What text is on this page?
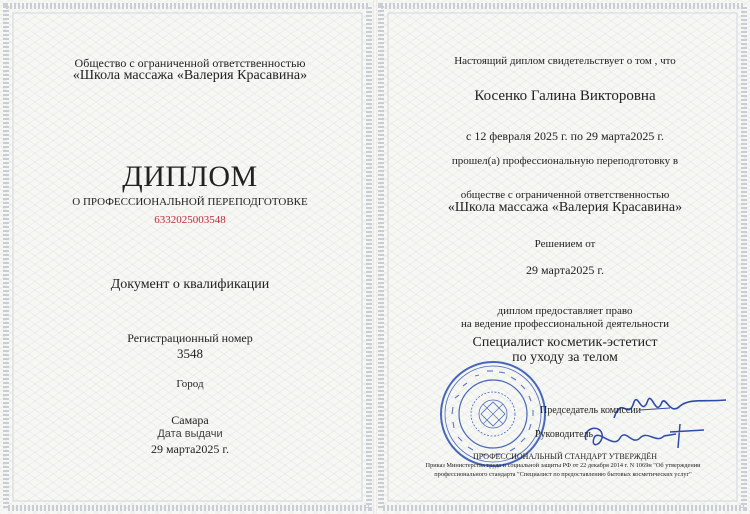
Общество с ограниченной ответственностью
«Школа массажа «Валерия Красавина»
ДИПЛОМ
О ПРОФЕССИОНАЛЬНОЙ ПЕРЕПОДГОТОВКЕ
6332025003548
Документ о квалификации
Регистрационный номер
3548
Город
Самара
Дата выдачи
29 марта2025 г.
Настоящий диплом свидетельствует о том , что
Косенко Галина Викторовна
с 12 февраля 2025 г. по 29 марта2025 г.
прошел(а) профессиональную переподготовку в
обществе с ограниченной ответственностью
«Школа массажа «Валерия Красавина»
Решением от
29 марта2025 г.
диплом предоставляет право
на ведение профессиональной деятельности
Специалист косметик-эстетист
по уходу за телом
Председатель комиссии
Руководитель
ПРОФЕССИОНАЛЬНЫЙ СТАНДАРТ УТВЕРЖДЁН
Приказ Министерства труда и социальной защиты РФ от 22 декабря 2014 г. N 1069н "Об утверждении
профессионального стандарта "Специалист по предоставлению бытовых косметических услуг"
